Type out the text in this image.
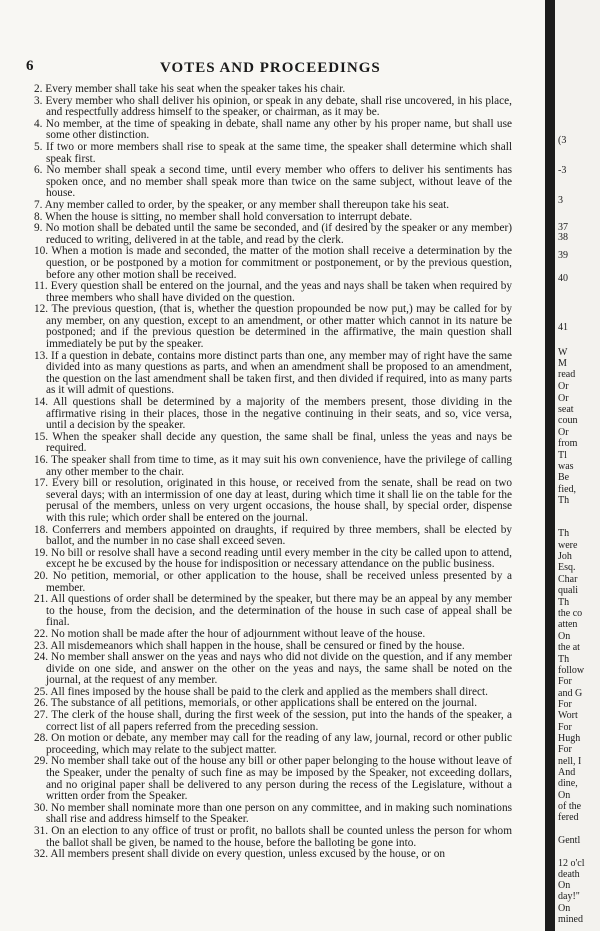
6	VOTES AND PROCEEDINGS

2. Every member shall take his seat when the speaker takes his chair.

3. Every member who shall deliver his opinion, or speak in any debate, shall rise uncovered, in his place, and respectfully address himself to the speaker, or chairman, as it may be.

4. No member, at the time of speaking in debate, shall name any other by his proper name, but shall use some other distinction.

5. If two or more members shall rise to speak at the same time, the speaker shall determine which shall speak first.

6. No member shall speak a second time, until every member who offers to deliver his sentiments has spoken once, and no member shall speak more than twice on the same subject, without leave of the house.

7. Any member called to order, by the speaker, or any member shall thereupon take his seat.

8. When the house is sitting, no member shall hold conversation to interrupt debate.

9. No motion shall be debated until the same be seconded, and (if desired by the speaker or any member) reduced to writing, delivered in at the table, and read by the clerk.

10. When a motion is made and seconded, the matter of the motion shall receive a determination by the question, or be postponed by a motion for commitment or postponement, or by the previous question, before any other motion shall be received.

11. Every question shall be entered on the journal, and the yeas and nays shall be taken when required by three members who shall have divided on the question.

12. The previous question, (that is, whether the question propounded be now put,) may be called for by any member, on any question, except to an amendment, or other matter which cannot in its nature be postponed; and if the previous question be determined in the affirmative, the main question shall immediately be put by the speaker.

13. If a question in debate, contains more distinct parts than one, any member may of right have the same divided into as many questions as parts, and when an amendment shall be proposed to an amendment, the question on the last amendment shall be taken first, and then divided if required, into as many parts as it will admit of questions.

14. All questions shall be determined by a majority of the members present, those dividing in the affirmative rising in their places, those in the negative continuing in their seats, and so, vice versa, until a decision by the speaker.

15. When the speaker shall decide any question, the same shall be final, unless the yeas and nays be required.

16. The speaker shall from time to time, as it may suit his own convenience, have the privilege of calling any other member to the chair.

17. Every bill or resolution, originated in this house, or received from the senate, shall be read on two several days; with an intermission of one day at least, during which time it shall lie on the table for the perusal of the members, unless on very urgent occasions, the house shall, by special order, dispense with this rule; which order shall be entered on the journal.

18. Conferrers and members appointed on draughts, if required by three members, shall be elected by ballot, and the number in no case shall exceed seven.

19. No bill or resolve shall have a second reading until every member in the city be called upon to attend, except he be excused by the house for indisposition or necessary attendance on the public business.

20. No petition, memorial, or other application to the house, shall be received unless presented by a member.

21. All questions of order shall be determined by the speaker, but there may be an appeal by any member to the house, from the decision, and the determination of the house in such case of appeal shall be final.

22. No motion shall be made after the hour of adjournment without leave of the house.

23. All misdemeanors which shall happen in the house, shall be censured or fined by the house.

24. No member shall answer on the yeas and nays who did not divide on the question, and if any member divide on one side, and answer on the other on the yeas and nays, the same shall be noted on the journal, at the request of any member.

25. All fines imposed by the house shall be paid to the clerk and applied as the members shall direct.

26. The substance of all petitions, memorials, or other applications shall be entered on the journal.

27. The clerk of the house shall, during the first week of the session, put into the hands of the speaker, a correct list of all papers referred from the preceding session.

28. On motion or debate, any member may call for the reading of any law, journal, record or other public proceeding, which may relate to the subject matter.

29. No member shall take out of the house any bill or other paper belonging to the house without leave of the Speaker, under the penalty of such fine as may be imposed by the Speaker, not exceeding dollars, and no original paper shall be delivered to any person during the recess of the Legislature, without a written order from the Speaker.

30. No member shall nominate more than one person on any committee, and in making such nominations shall rise and address himself to the Speaker.

31. On an election to any office of trust or profit, no ballots shall be counted unless the person for whom the ballot shall be given, be named to the house, before the balloting be gone into.

32. All members present shall divide on every question, unless excused by the house, or on

(3
-3
3
37
38
39
40
41
W
M
read
Or
Or
seat
coun
Or
from
Tl
was
Be
fied,
Th
Th
were
Joh
Esq.
Char
quali
Th
the co
atten
On
the at
Th
follow
For
and G
For
Wort
For
Hugh
For
nell, I
And
dine,
On
of the
fered
Gentl
12 o'cl
death
On
day!"
On
mined
